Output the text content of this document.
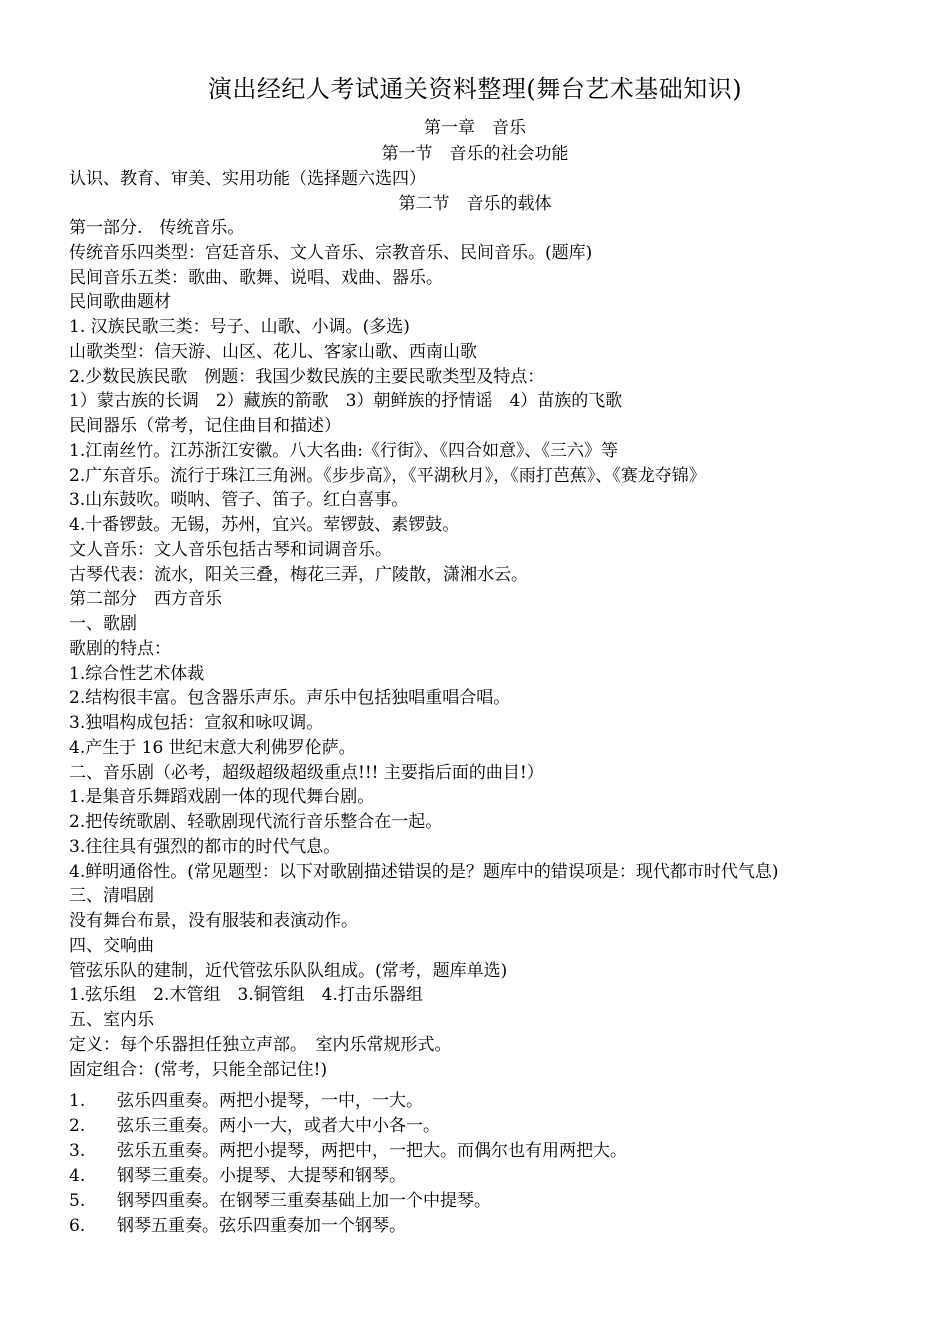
演出经纪人考试通关资料整理(舞台艺术基础知识)
第一章　音乐
第一节　音乐的社会功能
认识、教育、审美、实用功能（选择题六选四）
第二节　音乐的载体
第一部分.　传统音乐。
传统音乐四类型：宫廷音乐、文人音乐、宗教音乐、民间音乐。(题库)
民间音乐五类：歌曲、歌舞、说唱、戏曲、器乐。
民间歌曲题材
1. 汉族民歌三类：号子、山歌、小调。(多选)
山歌类型：信天游、山区、花儿、客家山歌、西南山歌
2.少数民族民歌　例题：我国少数民族的主要民歌类型及特点：
1）蒙古族的长调　2）藏族的箭歌　3）朝鲜族的抒情谣　4）苗族的飞歌
民间器乐（常考，记住曲目和描述）
1.江南丝竹。江苏浙江安徽。八大名曲:《行街》、《四合如意》、《三六》等
2.广东音乐。流行于珠江三角洲。《步步高》，《平湖秋月》，《雨打芭蕉》、《赛龙夺锦》
3.山东鼓吹。唢呐、管子、笛子。红白喜事。
4.十番锣鼓。无锡，苏州，宜兴。荤锣鼓、素锣鼓。
文人音乐：文人音乐包括古琴和词调音乐。
古琴代表：流水，阳关三叠，梅花三弄，广陵散，潇湘水云。
第二部分　西方音乐
一、歌剧
歌剧的特点：
1.综合性艺术体裁
2.结构很丰富。包含器乐声乐。声乐中包括独唱重唱合唱。
3.独唱构成包括：宣叙和咏叹调。
4.产生于 16 世纪末意大利佛罗伦萨。
二、音乐剧（必考，超级超级超级重点!!! 主要指后面的曲目!）
1.是集音乐舞蹈戏剧一体的现代舞台剧。
2.把传统歌剧、轻歌剧现代流行音乐整合在一起。
3.往往具有强烈的都市的时代气息。
4.鲜明通俗性。(常见题型：以下对歌剧描述错误的是？题库中的错误项是：现代都市时代气息)
三、清唱剧
没有舞台布景，没有服装和表演动作。
四、交响曲
管弦乐队的建制，近代管弦乐队队组成。(常考，题库单选)
1.弦乐组　2.木管组　3.铜管组　4.打击乐器组
五、室内乐
定义：每个乐器担任独立声部。　室内乐常规形式。
固定组合：(常考，只能全部记住!)
1. 弦乐四重奏。两把小提琴，一中，一大。
2. 弦乐三重奏。两小一大，或者大中小各一。
3. 弦乐五重奏。两把小提琴，两把中，一把大。而偶尔也有用两把大。
4. 钢琴三重奏。小提琴、大提琴和钢琴。
5. 钢琴四重奏。在钢琴三重奏基础上加一个中提琴。
6. 钢琴五重奏。弦乐四重奏加一个钢琴。
